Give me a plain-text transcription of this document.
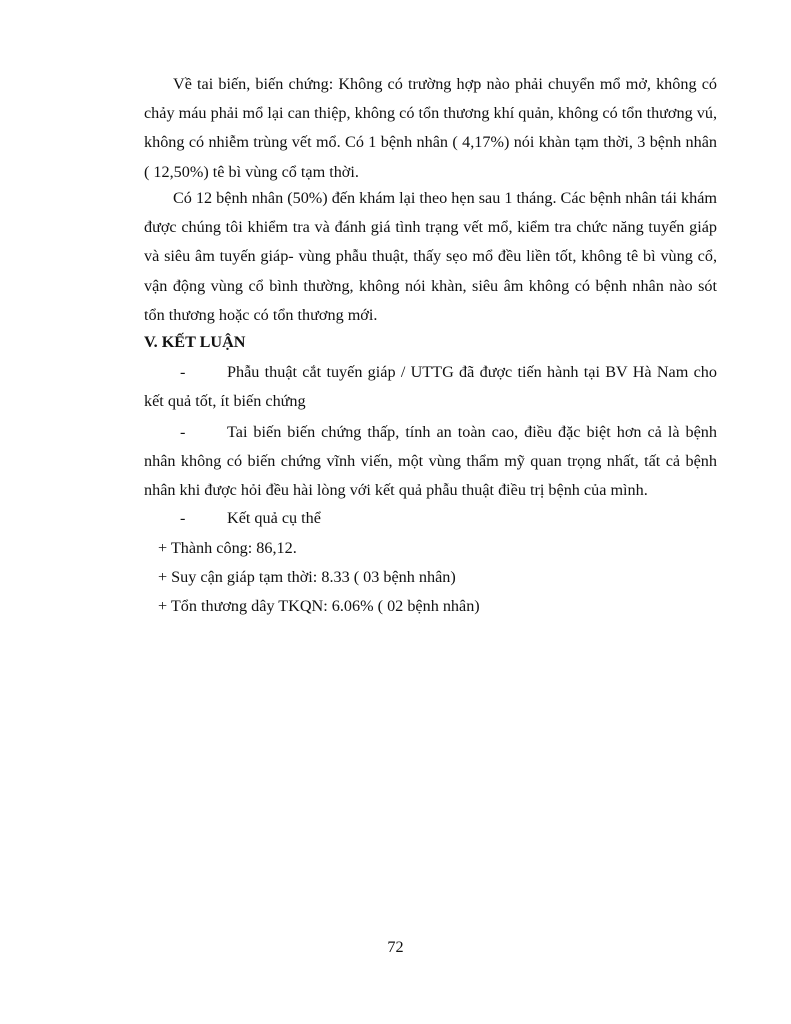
Về tai biến, biến chứng: Không có trường hợp nào phải chuyển mổ mở, không có chảy máu phải mổ lại can thiệp, không có tổn thương khí quản, không có tổn thương vú, không có nhiễm trùng vết mổ. Có 1 bệnh nhân ( 4,17%) nói khàn tạm thời, 3 bệnh nhân ( 12,50%) tê bì vùng cổ tạm thời.

Có 12 bệnh nhân (50%) đến khám lại theo hẹn sau 1 tháng. Các bệnh nhân tái khám được chúng tôi khiểm tra và đánh giá tình trạng vết mổ, kiểm tra chức năng tuyến giáp và siêu âm tuyến giáp- vùng phẫu thuật, thấy sẹo mổ đều liền tốt, không tê bì vùng cổ, vận động vùng cổ bình thường, không nói khàn, siêu âm không có bệnh nhân nào sót tổn thương hoặc có tổn thương mới.

V. KẾT LUẬN
-	Phẫu thuật cắt tuyến giáp / UTTG đã được tiến hành tại BV Hà Nam cho kết quả tốt, ít biến chứng

-	Tai biến biến chứng thấp, tính an toàn cao, điều đặc biệt hơn cả là bệnh nhân không có biến chứng vĩnh viến, một vùng thẩm mỹ quan trọng nhất, tất cả bệnh nhân khi được hỏi đều hài lòng với kết quả phẫu thuật điều trị bệnh của mình.

-	Kết quả cụ thể

+ Thành công: 86,12.

+ Suy cận giáp tạm thời: 8.33 ( 03 bệnh nhân)

+ Tổn thương dây TKQN: 6.06% ( 02 bệnh nhân)

72
